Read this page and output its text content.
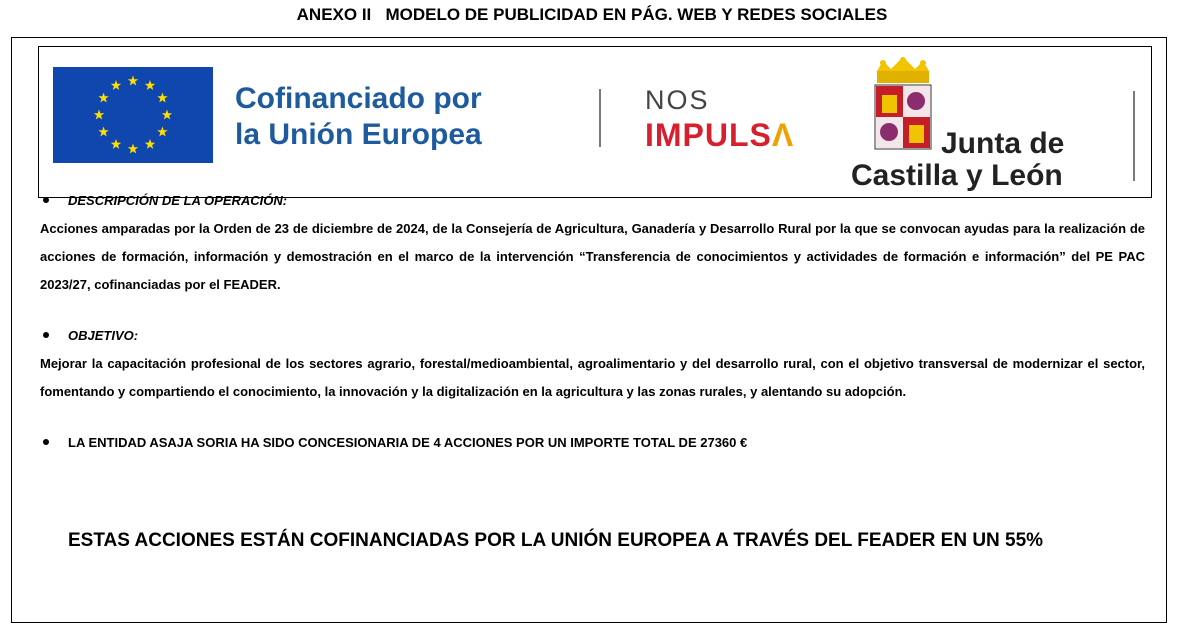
ANEXO II   MODELO DE PUBLICIDAD EN PÁG. WEB Y REDES SOCIALES
Cofinanciado por
la Unión Europea
NOS
IMPULSΛ	Junta de
Castilla y León
DESCRIPCIÓN DE LA OPERACIÓN:
Acciones amparadas por la Orden de 23 de diciembre de 2024, de la Consejería de Agricultura, Ganadería y Desarrollo Rural por la que se convocan ayudas para la realización de acciones de formación, información y demostración en el marco de la intervención “Transferencia de conocimientos y actividades de formación e información” del PE PAC 2023/27, cofinanciadas por el FEADER.
OBJETIVO:
Mejorar la capacitación profesional de los sectores agrario, forestal/medioambiental, agroalimentario y del desarrollo rural, con el objetivo transversal de modernizar el sector, fomentando y compartiendo el conocimiento, la innovación y la digitalización en la agricultura y las zonas rurales, y alentando su adopción.
LA ENTIDAD ASAJA SORIA HA SIDO CONCESIONARIA DE 4 ACCIONES POR UN IMPORTE TOTAL DE 27360 €
ESTAS ACCIONES ESTÁN COFINANCIADAS POR LA UNIÓN EUROPEA A TRAVÉS DEL FEADER EN UN 55%
